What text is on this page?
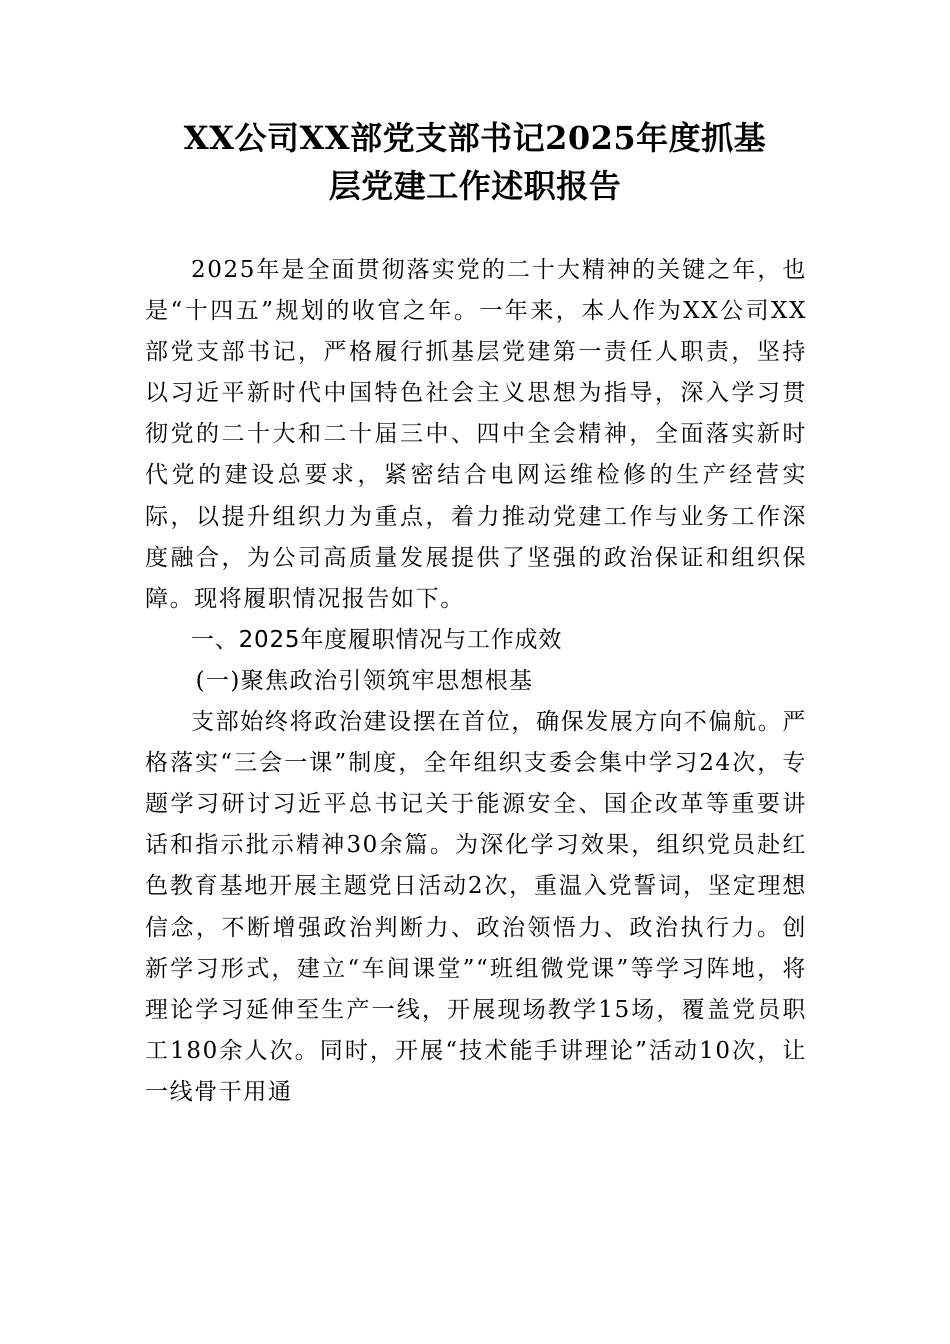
XX公司XX部党支部书记2025年度抓基
层党建工作述职报告

2025年是全面贯彻落实党的二十大精神的关键之年，也是“十四五”规划的收官之年。一年来，本人作为XX公司XX部党支部书记，严格履行抓基层党建第一责任人职责，坚持以习近平新时代中国特色社会主义思想为指导，深入学习贯彻党的二十大和二十届三中、四中全会精神，全面落实新时代党的建设总要求，紧密结合电网运维检修的生产经营实际，以提升组织力为重点，着力推动党建工作与业务工作深度融合，为公司高质量发展提供了坚强的政治保证和组织保障。现将履职情况报告如下。

一、2025年度履职情况与工作成效
(一)聚焦政治引领筑牢思想根基

支部始终将政治建设摆在首位，确保发展方向不偏航。严格落实“三会一课”制度，全年组织支委会集中学习24次，专题学习研讨习近平总书记关于能源安全、国企改革等重要讲话和指示批示精神30余篇。为深化学习效果，组织党员赴红色教育基地开展主题党日活动2次，重温入党誓词，坚定理想信念，不断增强政治判断力、政治领悟力、政治执行力。创新学习形式，建立“车间课堂”“班组微党课”等学习阵地，将理论学习延伸至生产一线，开展现场教学15场，覆盖党员职工180余人次。同时，开展“技术能手讲理论”活动10次，让一线骨干用通
